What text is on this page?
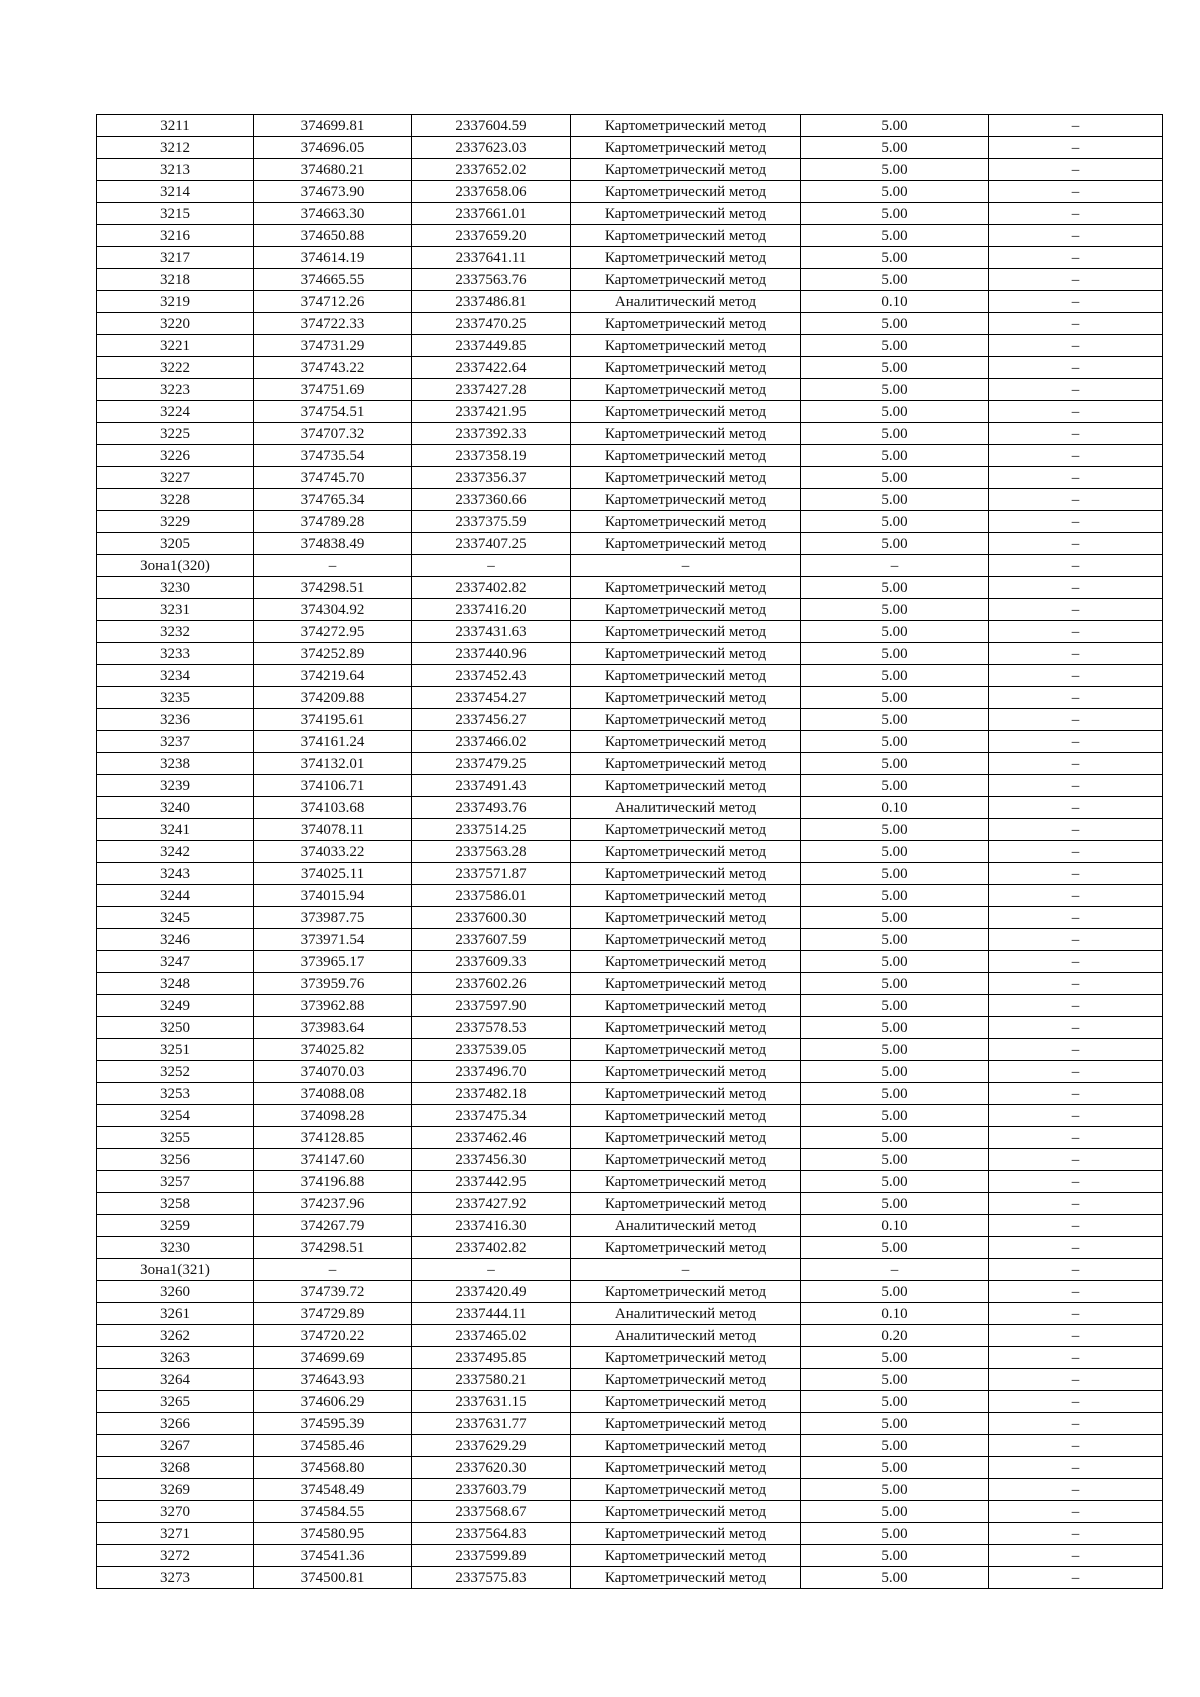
3211	374699.81	2337604.59	Картометрический метод	5.00	–
3212	374696.05	2337623.03	Картометрический метод	5.00	–
3213	374680.21	2337652.02	Картометрический метод	5.00	–
3214	374673.90	2337658.06	Картометрический метод	5.00	–
3215	374663.30	2337661.01	Картометрический метод	5.00	–
3216	374650.88	2337659.20	Картометрический метод	5.00	–
3217	374614.19	2337641.11	Картометрический метод	5.00	–
3218	374665.55	2337563.76	Картометрический метод	5.00	–
3219	374712.26	2337486.81	Аналитический метод	0.10	–
3220	374722.33	2337470.25	Картометрический метод	5.00	–
3221	374731.29	2337449.85	Картометрический метод	5.00	–
3222	374743.22	2337422.64	Картометрический метод	5.00	–
3223	374751.69	2337427.28	Картометрический метод	5.00	–
3224	374754.51	2337421.95	Картометрический метод	5.00	–
3225	374707.32	2337392.33	Картометрический метод	5.00	–
3226	374735.54	2337358.19	Картометрический метод	5.00	–
3227	374745.70	2337356.37	Картометрический метод	5.00	–
3228	374765.34	2337360.66	Картометрический метод	5.00	–
3229	374789.28	2337375.59	Картометрический метод	5.00	–
3205	374838.49	2337407.25	Картометрический метод	5.00	–
Зона1(320)	–	–	–	–	–
3230	374298.51	2337402.82	Картометрический метод	5.00	–
3231	374304.92	2337416.20	Картометрический метод	5.00	–
3232	374272.95	2337431.63	Картометрический метод	5.00	–
3233	374252.89	2337440.96	Картометрический метод	5.00	–
3234	374219.64	2337452.43	Картометрический метод	5.00	–
3235	374209.88	2337454.27	Картометрический метод	5.00	–
3236	374195.61	2337456.27	Картометрический метод	5.00	–
3237	374161.24	2337466.02	Картометрический метод	5.00	–
3238	374132.01	2337479.25	Картометрический метод	5.00	–
3239	374106.71	2337491.43	Картометрический метод	5.00	–
3240	374103.68	2337493.76	Аналитический метод	0.10	–
3241	374078.11	2337514.25	Картометрический метод	5.00	–
3242	374033.22	2337563.28	Картометрический метод	5.00	–
3243	374025.11	2337571.87	Картометрический метод	5.00	–
3244	374015.94	2337586.01	Картометрический метод	5.00	–
3245	373987.75	2337600.30	Картометрический метод	5.00	–
3246	373971.54	2337607.59	Картометрический метод	5.00	–
3247	373965.17	2337609.33	Картометрический метод	5.00	–
3248	373959.76	2337602.26	Картометрический метод	5.00	–
3249	373962.88	2337597.90	Картометрический метод	5.00	–
3250	373983.64	2337578.53	Картометрический метод	5.00	–
3251	374025.82	2337539.05	Картометрический метод	5.00	–
3252	374070.03	2337496.70	Картометрический метод	5.00	–
3253	374088.08	2337482.18	Картометрический метод	5.00	–
3254	374098.28	2337475.34	Картометрический метод	5.00	–
3255	374128.85	2337462.46	Картометрический метод	5.00	–
3256	374147.60	2337456.30	Картометрический метод	5.00	–
3257	374196.88	2337442.95	Картометрический метод	5.00	–
3258	374237.96	2337427.92	Картометрический метод	5.00	–
3259	374267.79	2337416.30	Аналитический метод	0.10	–
3230	374298.51	2337402.82	Картометрический метод	5.00	–
Зона1(321)	–	–	–	–	–
3260	374739.72	2337420.49	Картометрический метод	5.00	–
3261	374729.89	2337444.11	Аналитический метод	0.10	–
3262	374720.22	2337465.02	Аналитический метод	0.20	–
3263	374699.69	2337495.85	Картометрический метод	5.00	–
3264	374643.93	2337580.21	Картометрический метод	5.00	–
3265	374606.29	2337631.15	Картометрический метод	5.00	–
3266	374595.39	2337631.77	Картометрический метод	5.00	–
3267	374585.46	2337629.29	Картометрический метод	5.00	–
3268	374568.80	2337620.30	Картометрический метод	5.00	–
3269	374548.49	2337603.79	Картометрический метод	5.00	–
3270	374584.55	2337568.67	Картометрический метод	5.00	–
3271	374580.95	2337564.83	Картометрический метод	5.00	–
3272	374541.36	2337599.89	Картометрический метод	5.00	–
3273	374500.81	2337575.83	Картометрический метод	5.00	–
